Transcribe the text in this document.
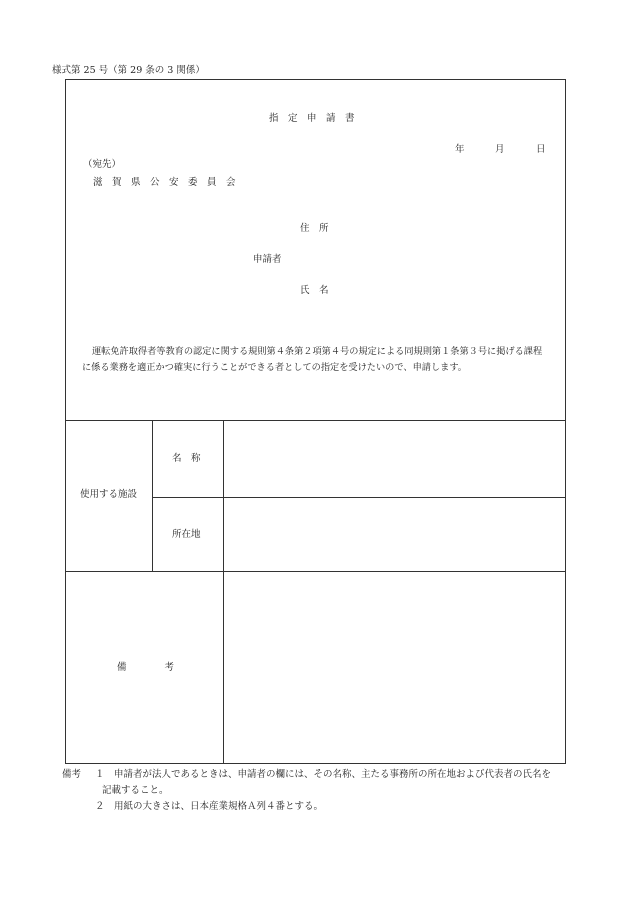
様式第 25 号（第 29 条の 3 関係）
指　定　申　請　書
年	月	日
（宛先）
滋　賀　県　公　安　委　員　会
住　所
申請者
氏　名
運転免許取得者等教育の認定に関する規則第４条第２項第４号の規定による同規則第１条第３号に掲げる課程
に係る業務を適正かつ確実に行うことができる者としての指定を受けたいので、申請します。
使用する施設
名　称
所在地
備　　　　考
備考 １ 申請者が法人であるときは、申請者の欄には、その名称、主たる事務所の所在地および代表者の氏名を
記載すること。
２ 用紙の大きさは、日本産業規格Ａ列４番とする。
